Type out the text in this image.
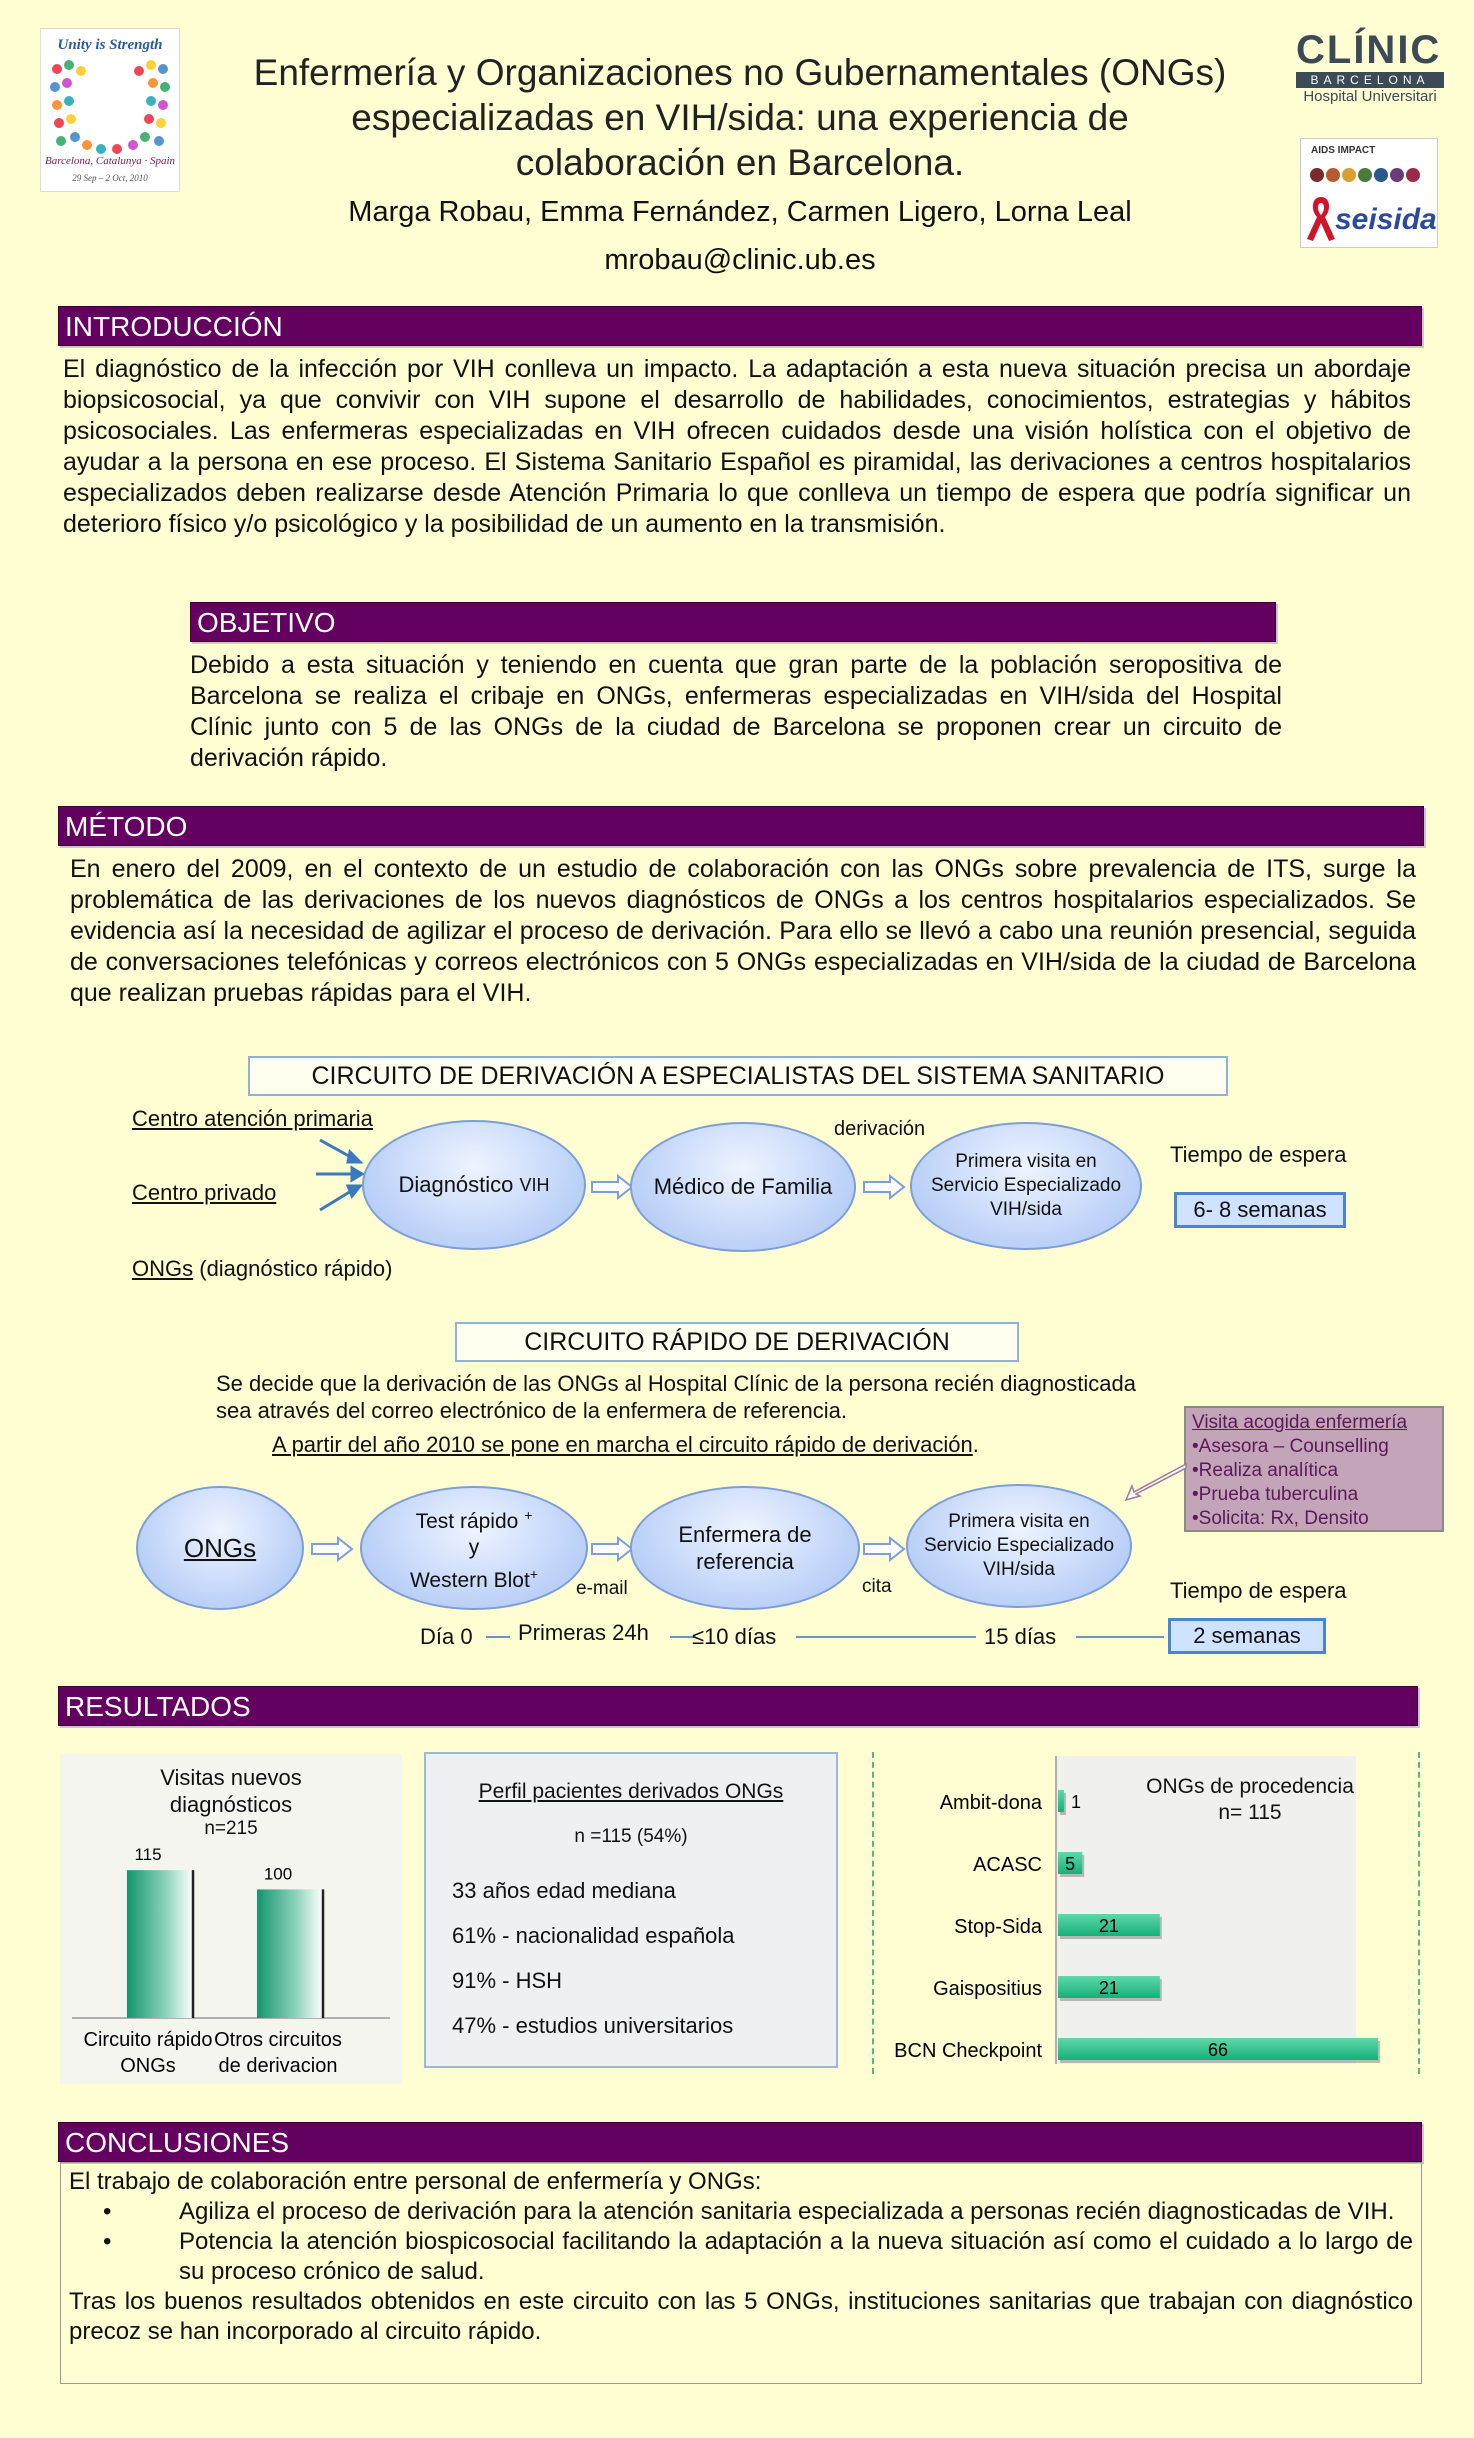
Unity is Strength
Barcelona, Catalunya · Spain
29 Sep – 2 Oct, 2010
Enfermería y Organizaciones no Gubernamentales (ONGs)
especializadas en VIH/sida: una experiencia de
colaboración en Barcelona.
Marga Robau, Emma Fernández, Carmen Ligero, Lorna Leal
mrobau@clinic.ub.es
CLÍNIC
BARCELONA
Hospital Universitari
AIDS IMPACT
seisida
INTRODUCCIÓN
El diagnóstico de la infección por VIH conlleva un impacto. La adaptación a esta nueva situación precisa un abordaje biopsicosocial, ya que convivir con VIH supone el desarrollo de habilidades, conocimientos, estrategias y hábitos psicosociales. Las enfermeras especializadas en VIH ofrecen cuidados desde una visión holística con el objetivo de ayudar a la persona en ese proceso. El Sistema Sanitario Español es piramidal, las derivaciones a centros hospitalarios especializados deben realizarse desde Atención Primaria lo que conlleva un tiempo de espera que podría significar un deterioro físico y/o psicológico y la posibilidad de un aumento en la transmisión.
OBJETIVO
Debido a esta situación y teniendo en cuenta que gran parte de la población seropositiva de Barcelona se realiza el cribaje en ONGs, enfermeras especializadas en VIH/sida del Hospital Clínic junto con 5 de las ONGs de la ciudad de Barcelona se proponen crear un circuito de derivación rápido.
MÉTODO
En enero del 2009, en el contexto de un estudio de colaboración con las ONGs sobre prevalencia de ITS, surge la problemática de las derivaciones de los nuevos diagnósticos de ONGs a los centros hospitalarios especializados. Se evidencia así la necesidad de agilizar el proceso de derivación. Para ello se llevó a cabo una reunión presencial, seguida de conversaciones telefónicas y correos electrónicos con 5 ONGs especializadas en VIH/sida de la ciudad de Barcelona que realizan pruebas rápidas para el VIH.
CIRCUITO DE DERIVACIÓN A ESPECIALISTAS DEL SISTEMA SANITARIO
Centro atención primaria
Centro privado
ONGs (diagnóstico rápido)
Diagnóstico
VIH	Médico de Familia
derivación
Primera visita en Servicio Especializado VIH/sida
Tiempo de espera
6- 8 semanas
CIRCUITO RÁPIDO DE DERIVACIÓN
Se decide que la derivación de las ONGs al Hospital Clínic de la persona recién diagnosticada sea através del correo electrónico de la enfermera de referencia.
A partir del año 2010 se pone en marcha el circuito rápido de derivación.
Visita acogida enfermería
•Asesora – Counselling
•Realiza analítica
•Prueba tuberculina
•Solicita: Rx, Densito
ONGs
Test rápido +
y
Western Blot+
e-mail
Enfermera de referencia
cita
Primera visita en Servicio Especializado VIH/sida
Tiempo de espera
Día 0 Primeras 24h ≤10 días	15 días	2 semanas
RESULTADOS
Visitas nuevos
diagnósticos
n=215
115
Circuito rápido
ONGs
100
Otros circuitos
de derivacion
Perfil pacientes derivados ONGs
n =115 (54%)
33 años edad mediana
61% - nacionalidad española
91% - HSH
47% - estudios universitarios
ONGs de procedencia
n= 115
Ambit-dona 1
ACASC 5
Stop-Sida	21
Gaispositius	21
BCN Checkpoint	66
CONCLUSIONES
El trabajo de colaboración entre personal de enfermería y ONGs:
•	Agiliza el proceso de derivación para la atención sanitaria especializada a personas recién diagnosticadas de VIH.
•	Potencia la atención biospicosocial facilitando la adaptación a la nueva situación así como el cuidado a lo largo de su proceso crónico de salud.
Tras los buenos resultados obtenidos en este circuito con las 5 ONGs, instituciones sanitarias que trabajan con diagnóstico precoz se han incorporado al circuito rápido.
